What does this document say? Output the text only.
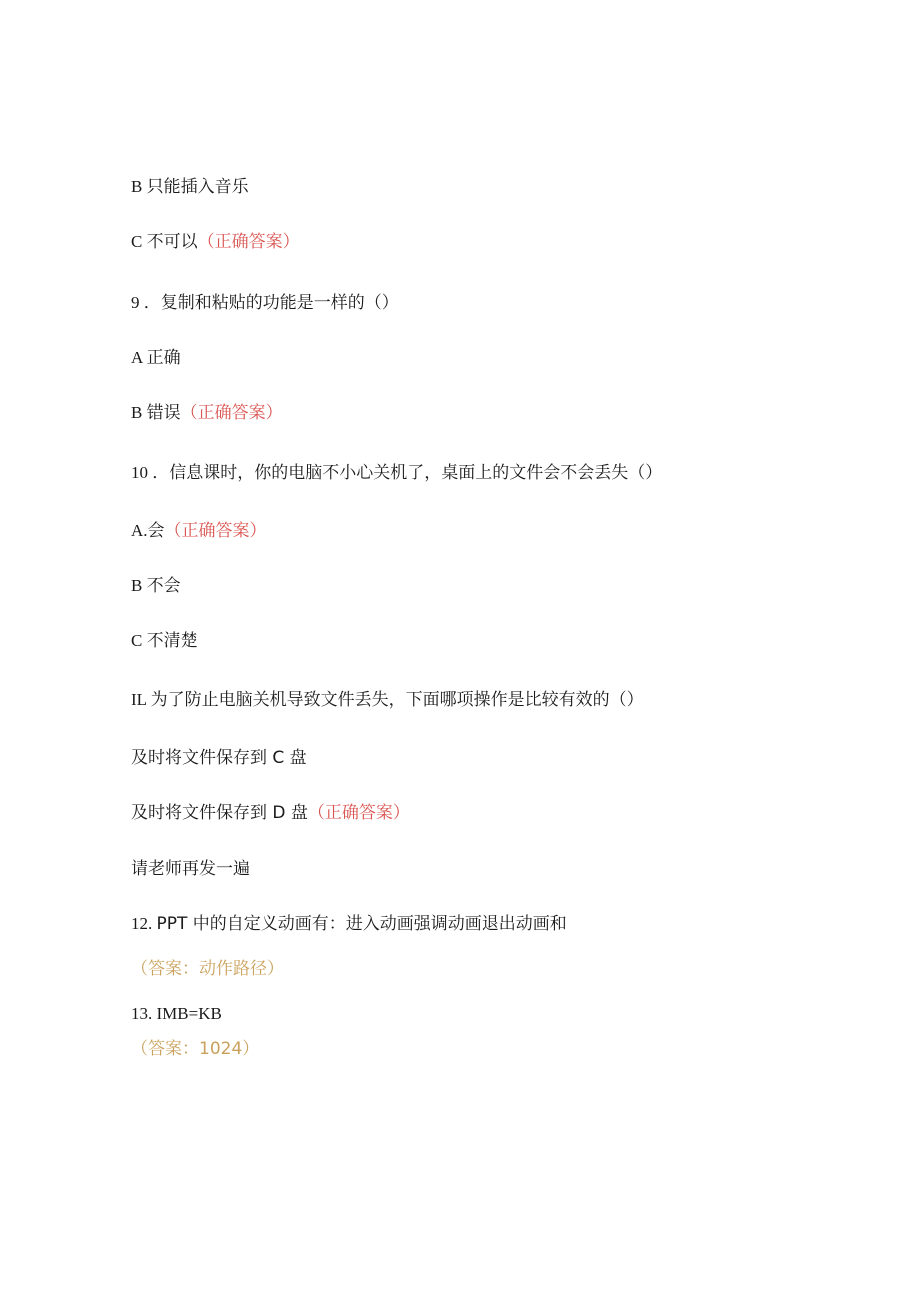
B 只能插入音乐
C 不可以（正确答案）
9 ．复制和粘贴的功能是一样的（）
A 正确
B 错误（正确答案）
10 ．信息课时，你的电脑不小心关机了，桌面上的文件会不会丢失（）
A.会（正确答案）
B 不会
C 不清楚
IL 为了防止电脑关机导致文件丢失，下面哪项操作是比较有效的（）
及时将文件保存到 C 盘
及时将文件保存到 D 盘（正确答案）
请老师再发一遍
12. PPT 中的自定义动画有：进入动画强调动画退出动画和
（答案：动作路径）
13. IMB=KB
（答案：1024）
